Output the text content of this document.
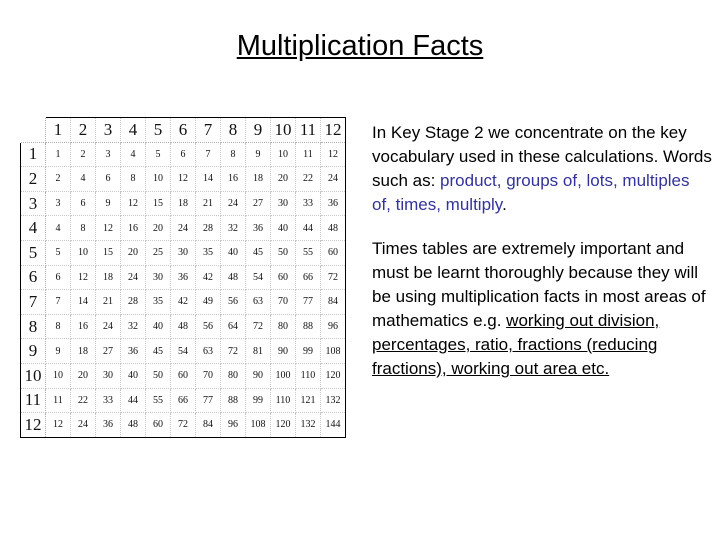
Multiplication Facts
	1	2	3	4	5	6	7	8	9	10	11	12
1	1	2	3	4	5	6	7	8	9	10	11	12
2	2	4	6	8	10	12	14	16	18	20	22	24
3	3	6	9	12	15	18	21	24	27	30	33	36
4	4	8	12	16	20	24	28	32	36	40	44	48
5	5	10	15	20	25	30	35	40	45	50	55	60
6	6	12	18	24	30	36	42	48	54	60	66	72
7	7	14	21	28	35	42	49	56	63	70	77	84
8	8	16	24	32	40	48	56	64	72	80	88	96
9	9	18	27	36	45	54	63	72	81	90	99	108
10	10	20	30	40	50	60	70	80	90	100	110	120
11	11	22	33	44	55	66	77	88	99	110	121	132
12	12	24	36	48	60	72	84	96	108	120	132	144

In Key Stage 2 we concentrate on the key vocabulary used in these calculations. Words such as: product, groups of, lots, multiples of, times, multiply.

Times tables are extremely important and must be learnt thoroughly because they will be using multiplication facts in most areas of mathematics e.g. working out division, percentages, ratio, fractions (reducing fractions), working out area etc.
